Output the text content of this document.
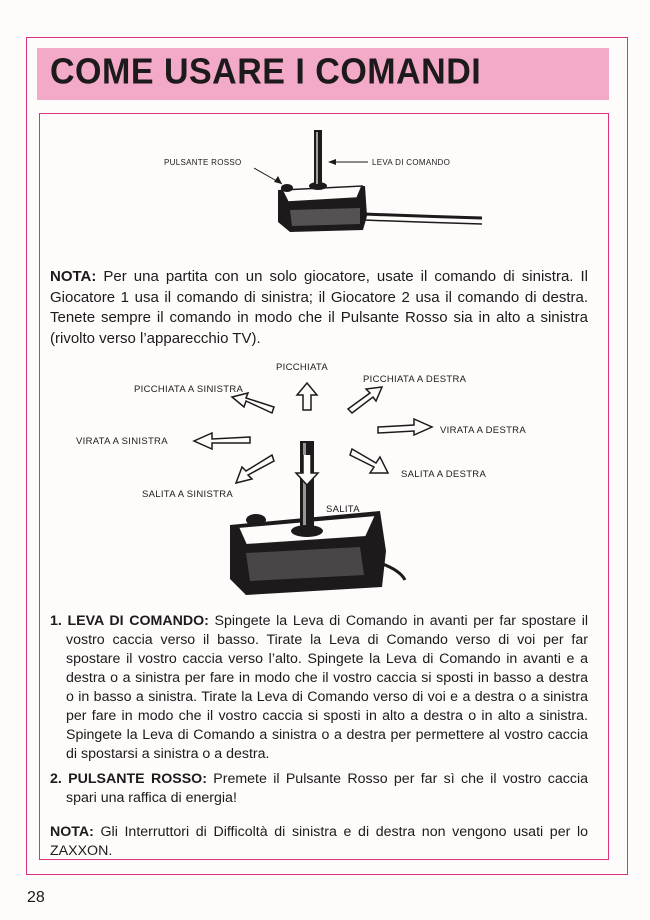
COME USARE I COMANDI
PULSANTE ROSSO	LEVA DI COMANDO
NOTA: Per una partita con un solo giocatore, usate il comando di sinistra. Il Giocatore 1 usa il comando di sinistra; il Giocatore 2 usa il comando di destra. Tenete sempre il comando in modo che il Pulsante Rosso sia in alto a sinistra (rivolto verso l’apparecchio TV).
PICCHIATA
PICCHIATA A SINISTRA
PICCHIATA A DESTRA
VIRATA A SINISTRA
VIRATA A DESTRA
SALITA A SINISTRA
SALITA A DESTRA
SALITA

1. LEVA DI COMANDO: Spingete la Leva di Comando in avanti per far spostare il vostro caccia verso il basso. Tirate la Leva di Comando verso di voi per far spostare il vostro caccia verso l’alto. Spingete la Leva di Comando in avanti e a destra o a sinistra per fare in modo che il vostro caccia si sposti in basso a destra o in basso a sinistra. Tirate la Leva di Comando verso di voi e a destra o a sinistra per fare in modo che il vostro caccia si sposti in alto a destra o in alto a sinistra. Spingete la Leva di Comando a sinistra o a destra per permettere al vostro caccia di spostarsi a sinistra o a destra.

2. PULSANTE ROSSO: Premete il Pulsante Rosso per far sì che il vostro caccia spari una raffica di energia!

NOTA: Gli Interruttori di Difficoltà di sinistra e di destra non vengono usati per lo ZAXXON.
28
